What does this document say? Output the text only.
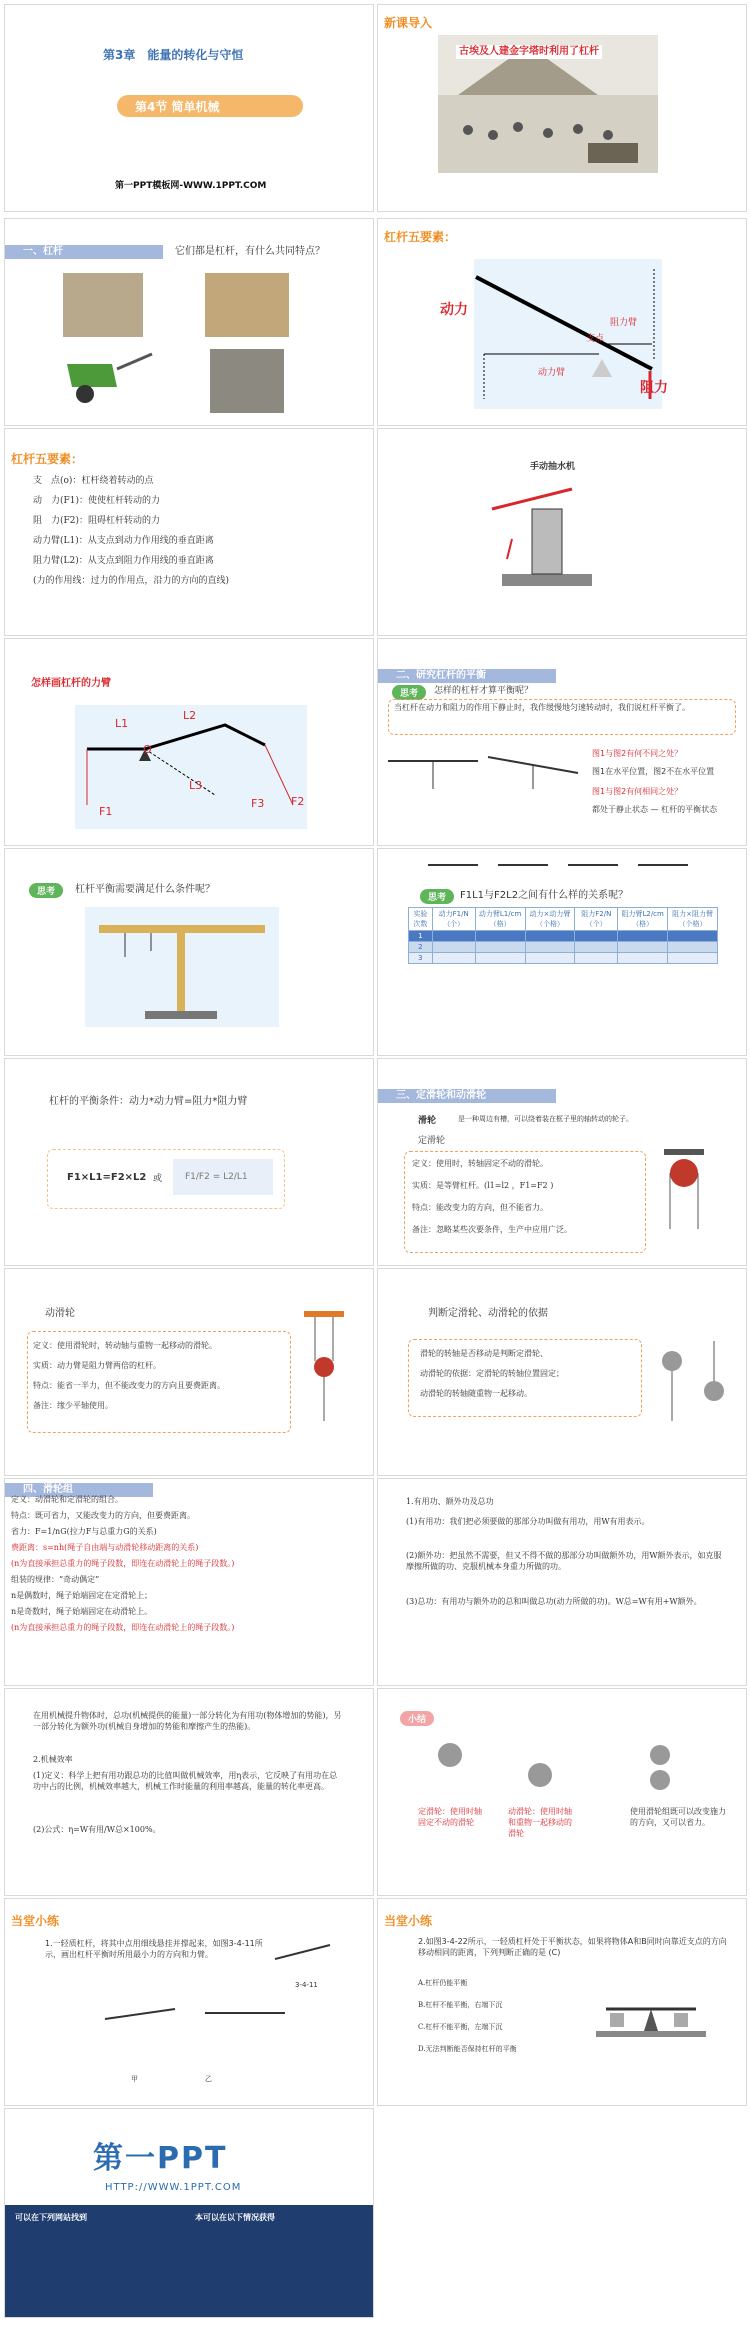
第3章　能量的转化与守恒
第4节 简单机械
第一PPT模板网-WWW.1PPT.COM
新课导入
古埃及人建金字塔时利用了杠杆
一、杠杆	它们都是杠杆，有什么共同特点？
杠杆五要素：
动力
动力臂
支点
阻力臂
阻力
杠杆五要素：
支　点(o)：杠杆绕着转动的点
动　力(F1)：使使杠杆转动的力
阻　力(F2)：阻碍杠杆转动的力
动力臂(L1)：从支点到动力作用线的垂直距离
阻力臂(L2)：从支点到阻力作用线的垂直距离
(力的作用线：过力的作用点，沿力的方向的直线)
手动抽水机
怎样画杠杆的力臂
L1
L2
O
F1
F2
F3
L3
二、研究杠杆的平衡
思考	怎样的杠杆才算平衡呢？
当杠杆在动力和阻力的作用下静止时，我作缓慢地匀速转动时，我们说杠杆平衡了。
图1与图2有何不同之处？
图1在水平位置，图2不在水平位置
图1与图2有何相同之处？
都处于静止状态 — 杠杆的平衡状态
思考	杠杆平衡需要满足什么条件呢？
思考	F1L1与F2L2之间有什么样的关系呢？
实验次数	动力F1/N（个）	动力臂L1/cm（格）	动力×动力臂（个格）	阻力F2/N（个）	阻力臂L2/cm（格）	阻力×阻力臂（个格）
1						
2						
3						
杠杆的平衡条件：动力*动力臂=阻力*阻力臂
F1×L1=F2×L2 或	F1/F2 = L2/L1
三、定滑轮和动滑轮
滑轮	是一种周边有槽，可以绕着装在框子里的轴转动的轮子。
定滑轮
定义：使用时，转轴固定不动的滑轮。
实质：是等臂杠杆。(l1=l2 ，F1=F2 )
特点：能改变力的方向，但不能省力。
备注：忽略某些次要条件，生产中应用广泛。
动滑轮
定义：使用滑轮时，转动轴与重物一起移动的滑轮。
实质：动力臂是阻力臂两倍的杠杆。
特点：能省一半力，但不能改变力的方向且要费距离。
备注：缘少平轴使用。
判断定滑轮、动滑轮的依据
滑轮的转轴是否移动是判断定滑轮、
动滑轮的依据：定滑轮的转轴位置固定；
动滑轮的转轴随重物一起移动。
四、滑轮组
定义：动滑轮和定滑轮的组合。
特点：既可省力，又能改变力的方向，但要费距离。
省力：F=1/nG(拉力F与总重力G的关系)
费距离：s=nh(绳子自由端与动滑轮移动距离的关系)
(n为直接承担总重力的绳子段数，即连在动滑轮上的绳子段数。)
组装的规律：“奇动偶定”
n是偶数时，绳子始端固定在定滑轮上；
n是奇数时，绳子始端固定在动滑轮上。
(n为直接承担总重力的绳子段数，即连在动滑轮上的绳子段数。)
1.有用功、额外功及总功
(1)有用功：我们把必须要做的那部分功叫做有用功，用W有用表示。
(2)额外功：把虽然不需要，但又不得不做的那部分功叫做额外功，用W额外表示，如克服摩擦所做的功、克服机械本身重力所做的功。
(3)总功：有用功与额外功的总和叫做总功(动力所做的功)。W总=W有用+W额外。
在用机械提升物体时，总功(机械提供的能量)一部分转化为有用功(物体增加的势能)，另一部分转化为额外功(机械自身增加的势能和摩擦产生的热能)。
2.机械效率
(1)定义：科学上把有用功跟总功的比值叫做机械效率，用η表示，它反映了有用功在总功中占的比例，机械效率越大，机械工作时能量的利用率越高，能量的转化率更高。
(2)公式：η=W有用/W总×100%。
小结
定滑轮：使用时轴固定不动的滑轮
动滑轮：使用时轴和重物一起移动的滑轮
使用滑轮组既可以改变施力的方向，又可以省力。
当堂小练
1.一轻质杠杆，将其中点用细线悬挂并撑起来，如图3-4-11所示，画出杠杆平衡时所用最小力的方向和力臂。
3-4-11
甲	乙
当堂小练
2.如图3-4-22所示，一轻质杠杆处于平衡状态，如果将物体A和B同时向靠近支点的方向移动相同的距离，下列判断正确的是 (C)
A.杠杆仍能平衡
B.杠杆不能平衡，右端下沉
C.杠杆不能平衡，左端下沉
D.无法判断能否保持杠杆的平衡
第一PPT
HTTP://WWW.1PPT.COM
可以在下列网站找到	本可以在以下情况获得
